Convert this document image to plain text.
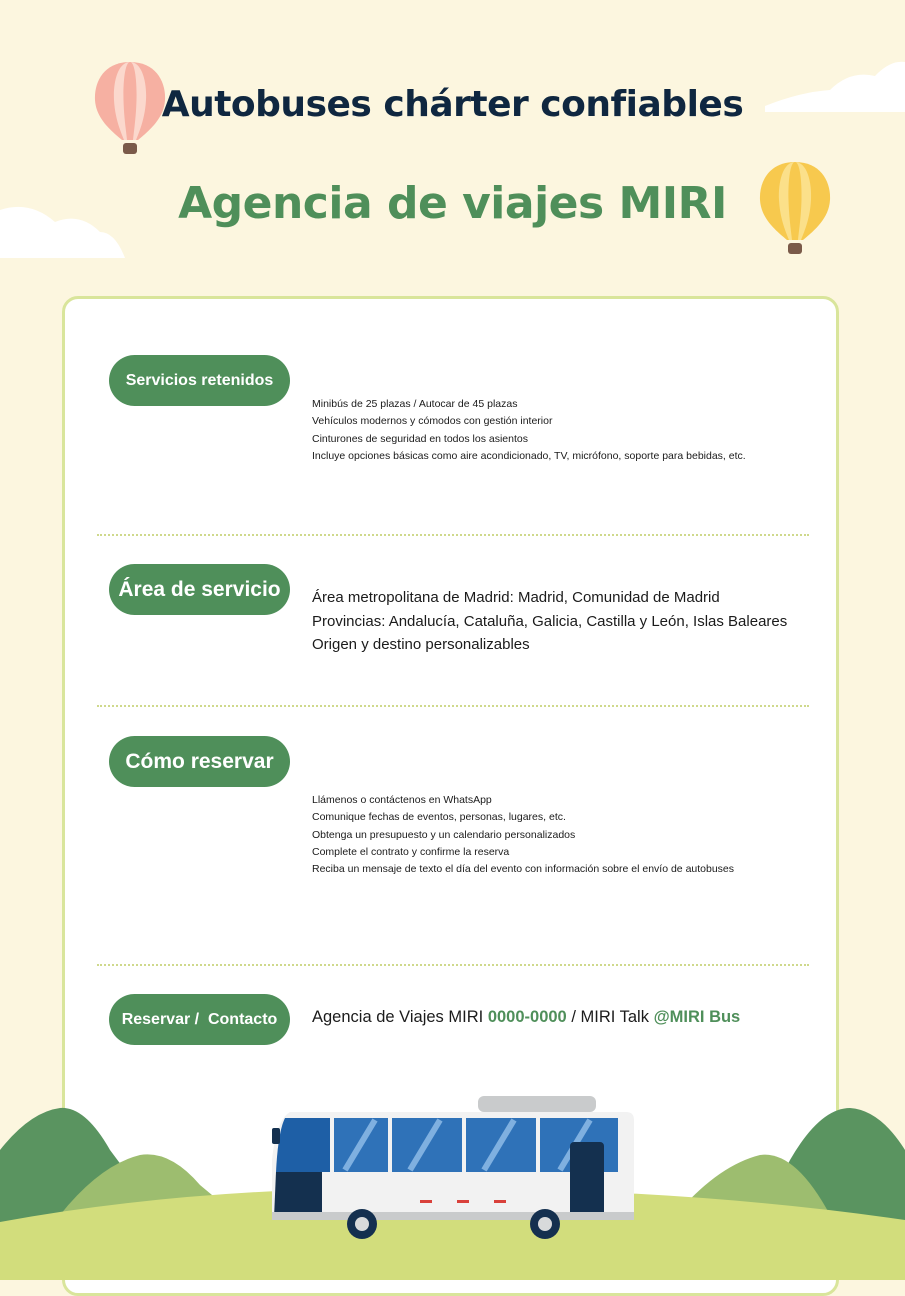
Autobuses chárter confiables
Agencia de viajes MIRI
Servicios retenidos
Minibús de 25 plazas / Autocar de 45 plazas
Vehículos modernos y cómodos con gestión interior
Cinturones de seguridad en todos los asientos
Incluye opciones básicas como aire acondicionado, TV, micrófono, soporte para bebidas, etc.
Área de servicio Área metropolitana de Madrid: Madrid, Comunidad de Madrid
Provincias: Andalucía, Cataluña, Galicia, Castilla y León, Islas Baleares
Origen y destino personalizables
Cómo reservar
Llámenos o contáctenos en WhatsApp
Comunique fechas de eventos, personas, lugares, etc.
Obtenga un presupuesto y un calendario personalizados
Complete el contrato y confirme la reserva
Reciba un mensaje de texto el día del evento con información sobre el envío de autobuses
Reservar /  Contacto Agencia de Viajes MIRI 0000-0000 / MIRI Talk @MIRI Bus
